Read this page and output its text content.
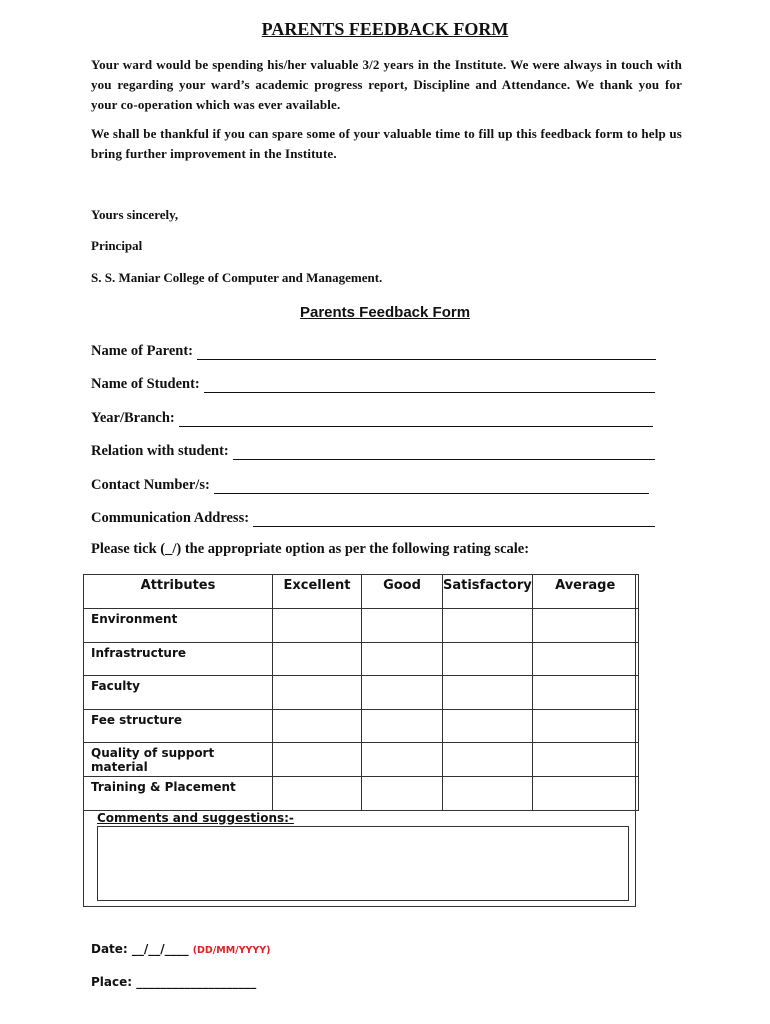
PARENTS FEEDBACK FORM
Your ward would be spending his/her valuable 3/2 years in the Institute. We were always in touch with you regarding your ward’s academic progress report, Discipline and Attendance. We thank you for your co-operation which was ever available.
We shall be thankful if you can spare some of your valuable time to fill up this feedback form to help us bring further improvement in the Institute.
Yours sincerely,
Principal
S. S. Maniar College of Computer and Management.
Parents Feedback Form
Name of Parent:
Name of Student:
Year/Branch:
Relation with student:
Contact Number/s:
Communication Address:
Please tick (_/) the appropriate option as per the following rating scale:
Attributes	Excellent	Good	Satisfactory	Average
Environment				
Infrastructure				
Faculty				
Fee structure				
Quality of support material				
Training & Placement				
Comments and suggestions:-
Date: __/__/____ (DD/MM/YYYY)
Place: ____________________
